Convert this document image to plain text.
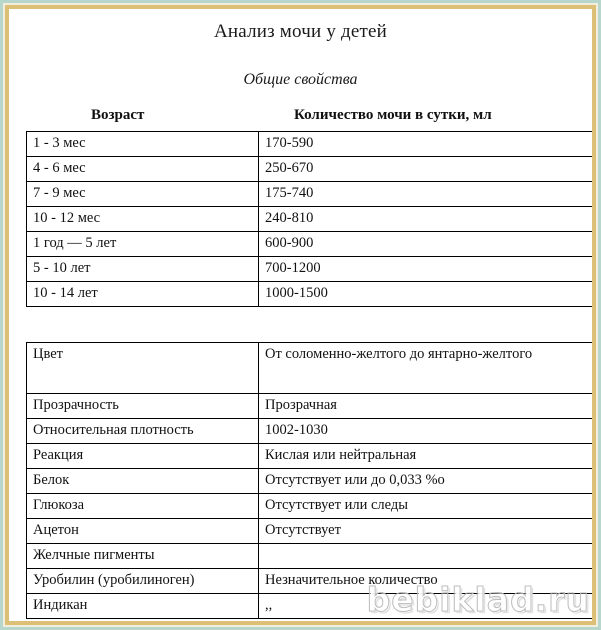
Анализ мочи у детей
Общие свойства
Возраст	Количество мочи в сутки, мл
1 - 3 мес	170-590
4 - 6 мес	250-670
7 - 9 мес	175-740
10 - 12 мес	240-810
1 год — 5 лет	600-900
5 - 10 лет	700-1200
10 - 14 лет	1000-1500
Цвет	От соломенно-желтого до янтарно-желтого
Прозрачность	Прозрачная
Относительная плотность	1002-1030
Реакция	Кислая или нейтральная
Белок	Отсутствует или до 0,033 %о
Глюкоза	Отсутствует или следы
Ацетон	Отсутствует
Желчные пигменты	
Уробилин (уробилиноген)	Незначительное количество
Индикан	,,
